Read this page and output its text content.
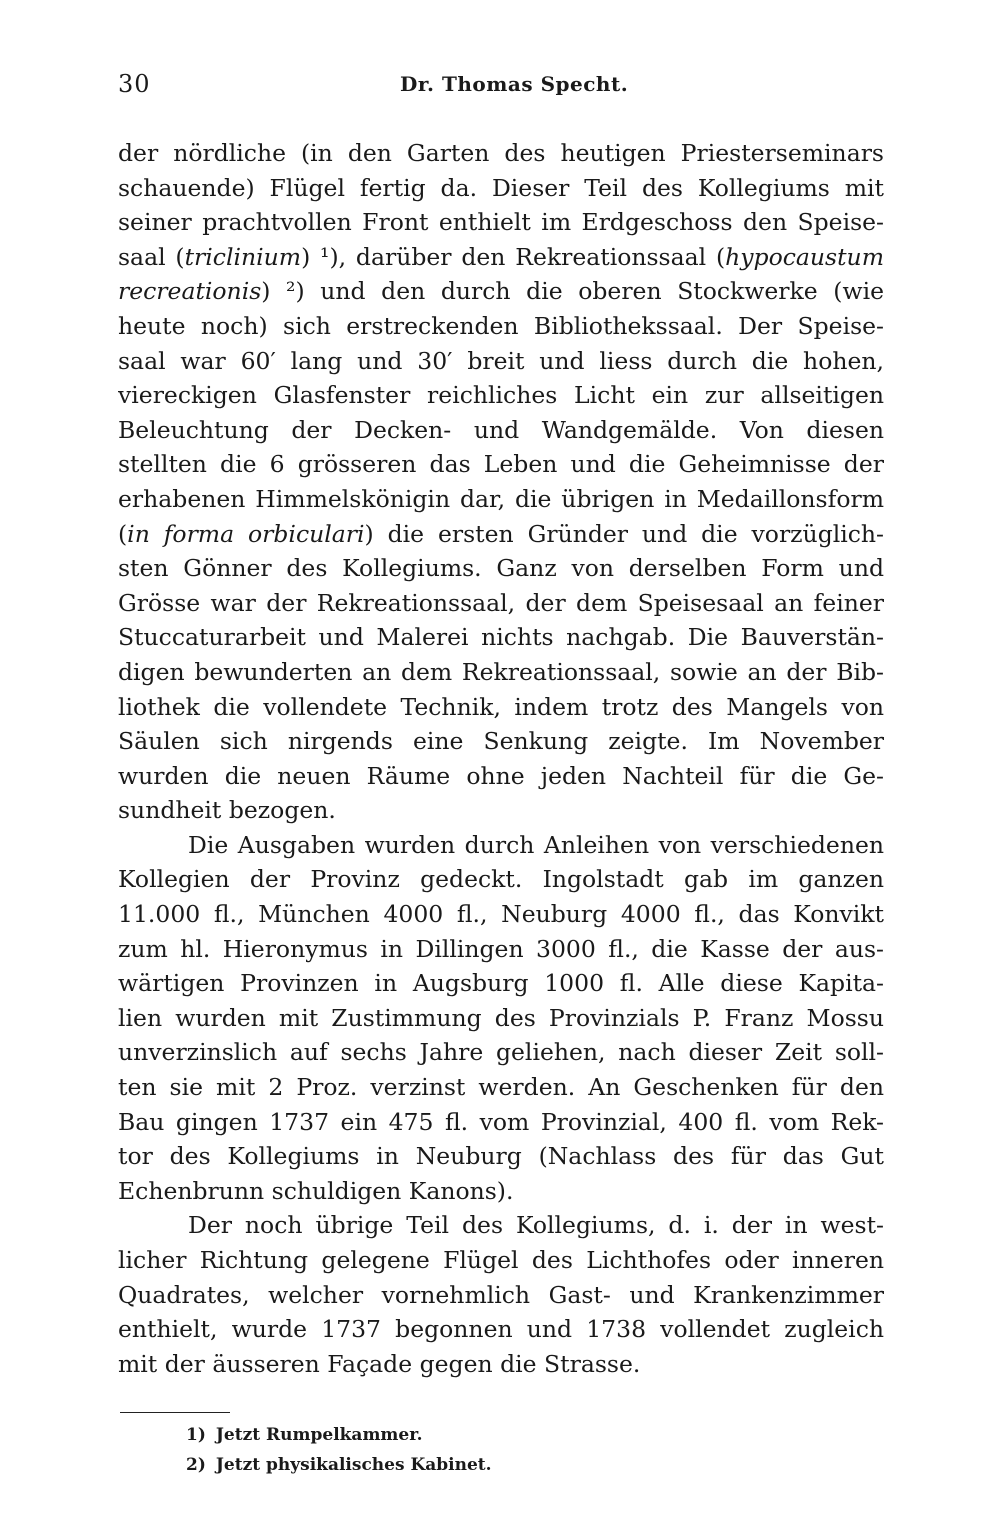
30	Dr. Thomas Specht.
der nördliche (in den Garten des heutigen Priesterseminars
schauende) Flügel fertig da. Dieser Teil des Kollegiums mit
seiner prachtvollen Front enthielt im Erdgeschoss den Speise-
saal (triclinium) ¹), darüber den Rekreationssaal (hypocaustum
recreationis) ²) und den durch die oberen Stockwerke (wie
heute noch) sich erstreckenden Bibliothekssaal. Der Speise-
saal war 60′ lang und 30′ breit und liess durch die hohen,
viereckigen Glasfenster reichliches Licht ein zur allseitigen
Beleuchtung der Decken- und Wandgemälde. Von diesen
stellten die 6 grösseren das Leben und die Geheimnisse der
erhabenen Himmelskönigin dar, die übrigen in Medaillonsform
(in forma orbiculari) die ersten Gründer und die vorzüglich-
sten Gönner des Kollegiums. Ganz von derselben Form und
Grösse war der Rekreationssaal, der dem Speisesaal an feiner
Stuccaturarbeit und Malerei nichts nachgab. Die Bauverstän-
digen bewunderten an dem Rekreationssaal, sowie an der Bib-
liothek die vollendete Technik, indem trotz des Mangels von
Säulen sich nirgends eine Senkung zeigte. Im November
wurden die neuen Räume ohne jeden Nachteil für die Ge-
sundheit bezogen.
Die Ausgaben wurden durch Anleihen von verschiedenen
Kollegien der Provinz gedeckt. Ingolstadt gab im ganzen
11.000 fl., München 4000 fl., Neuburg 4000 fl., das Konvikt
zum hl. Hieronymus in Dillingen 3000 fl., die Kasse der aus-
wärtigen Provinzen in Augsburg 1000 fl. Alle diese Kapita-
lien wurden mit Zustimmung des Provinzials P. Franz Mossu
unverzinslich auf sechs Jahre geliehen, nach dieser Zeit soll-
ten sie mit 2 Proz. verzinst werden. An Geschenken für den
Bau gingen 1737 ein 475 fl. vom Provinzial, 400 fl. vom Rek-
tor des Kollegiums in Neuburg (Nachlass des für das Gut
Echenbrunn schuldigen Kanons).
Der noch übrige Teil des Kollegiums, d. i. der in west-
licher Richtung gelegene Flügel des Lichthofes oder inneren
Quadrates, welcher vornehmlich Gast- und Krankenzimmer
enthielt, wurde 1737 begonnen und 1738 vollendet zugleich
mit der äusseren Façade gegen die Strasse.
1) Jetzt Rumpelkammer.
2) Jetzt physikalisches Kabinet.
